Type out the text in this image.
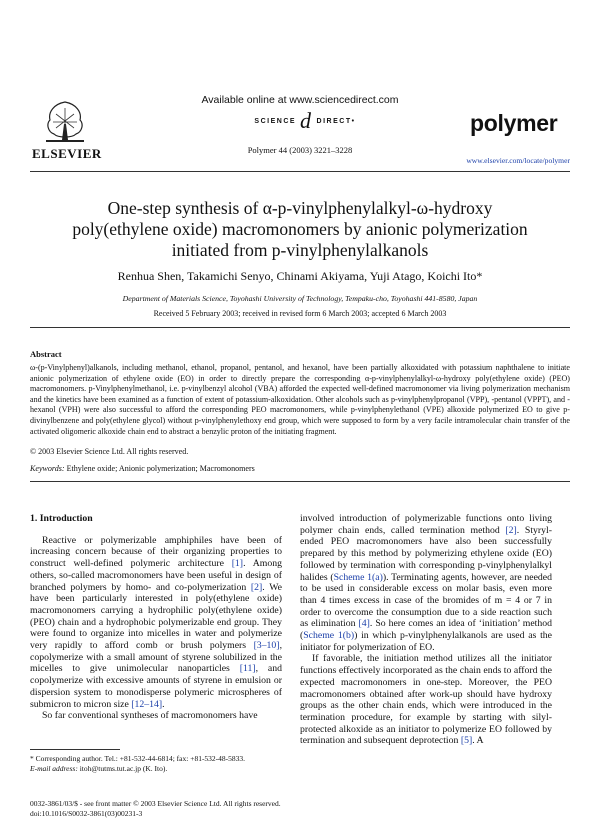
ELSEVIER
Available online at www.sciencedirect.com
SCIENCE d DIRECT•
Polymer 44 (2003) 3221–3228
polymer
www.elsevier.com/locate/polymer
One-step synthesis of α-p-vinylphenylalkyl-ω-hydroxy poly(ethylene oxide) macromonomers by anionic polymerization initiated from p-vinylphenylalkanols
Renhua Shen, Takamichi Senyo, Chinami Akiyama, Yuji Atago, Koichi Ito*
Department of Materials Science, Toyohashi University of Technology, Tempaku-cho, Toyohashi 441-8580, Japan
Received 5 February 2003; received in revised form 6 March 2003; accepted 6 March 2003
Abstract
ω-(p-Vinylphenyl)alkanols, including methanol, ethanol, propanol, pentanol, and hexanol, have been partially alkoxidated with potassium naphthalene to initiate anionic polymerization of ethylene oxide (EO) in order to directly prepare the corresponding α-p-vinylphenylalkyl-ω-hydroxy poly(ethylene oxide) (PEO) macromonomers. p-Vinylphenylmethanol, i.e. p-vinylbenzyl alcohol (VBA) afforded the expected well-defined macromonomer via living polymerization mechanism and the kinetics have been examined as a function of extent of potassium-alkoxidation. Other alcohols such as p-vinylphenylpropanol (VPP), -pentanol (VPPT), and -hexanol (VPH) were also successful to afford the corresponding PEO macromonomers, while p-vinylphenylethanol (VPE) alkoxide polymerized EO to give p-divinylbenzene and poly(ethylene glycol) without p-vinylphenylethoxy end group, which were supposed to form by a very facile intramolecular chain transfer of the activated oligomeric alkoxide chain end to abstract a benzylic proton of the initiating fragment.
© 2003 Elsevier Science Ltd. All rights reserved.
Keywords: Ethylene oxide; Anionic polymerization; Macromonomers
1. Introduction

Reactive or polymerizable amphiphiles have been of increasing concern because of their organizing properties to construct well-defined polymeric architecture [1]. Among others, so-called macromonomers have been useful in design of branched polymers by homo- and co-polymerization [2]. We have been particularly interested in poly(ethylene oxide) macromonomers carrying a hydrophilic poly(ethylene oxide) (PEO) chain and a hydrophobic polymerizable end group. They were found to organize into micelles in water and polymerize very rapidly to afford comb or brush polymers [3–10], copolymerize with a small amount of styrene solubilized in the micelles to give unimolecular nanoparticles [11], and copolymerize with excessive amounts of styrene in emulsion or dispersion system to monodisperse polymeric microspheres of submicron to micron size [12–14].

So far conventional syntheses of macromonomers have

involved introduction of polymerizable functions onto living polymer chain ends, called termination method [2]. Styryl-ended PEO macromonomers have also been successfully prepared by this method by polymerizing ethylene oxide (EO) followed by termination with corresponding p-vinylphenylalkyl halides (Scheme 1(a)). Terminating agents, however, are needed to be used in considerable excess on molar basis, even more than 4 times excess in case of the bromides of m = 4 or 7 in order to overcome the consumption due to a side reaction such as elimination [4]. So here comes an idea of ‘initiation’ method (Scheme 1(b)) in which p-vinylphenylalkanols are used as the initiator for polymerization of EO.

If favorable, the initiation method utilizes all the initiator functions effectively incorporated as the chain ends to afford the expected macromonomers in one-step. Moreover, the PEO macromonomers obtained after work-up should have hydroxy groups as the other chain ends, which were introduced in the termination procedure, for example by starting with silyl-protected alkoxide as an initiator to polymerize EO followed by termination and subsequent deprotection [5]. A

* Corresponding author. Tel.: +81-532-44-6814; fax: +81-532-48-5833.
E-mail address: itoh@tutms.tut.ac.jp (K. Ito).
0032-3861/03/$ - see front matter © 2003 Elsevier Science Ltd. All rights reserved.
doi:10.1016/S0032-3861(03)00231-3
